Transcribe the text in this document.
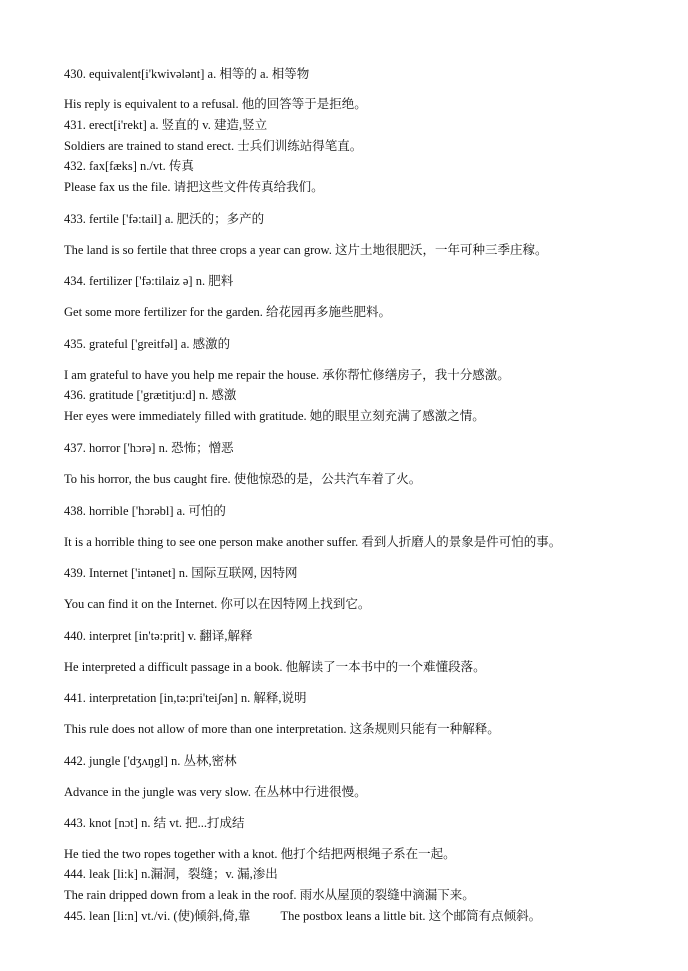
430. equivalent[i'kwivələnt] a. 相等的 a. 相等物
His reply is equivalent to a refusal. 他的回答等于是拒绝。
431. erect[i'rekt] a. 竖直的 v. 建造,竖立
Soldiers are trained to stand erect. 士兵们训练站得笔直。
432. fax[fæks] n./vt. 传真
Please fax us the file. 请把这些文件传真给我们。
433. fertile ['fə:tail] a. 肥沃的；多产的
The land is so fertile that three crops a year can grow. 这片土地很肥沃，一年可种三季庄稼。
434. fertilizer ['fə:tilaiz ə] n. 肥料
Get some more fertilizer for the garden. 给花园再多施些肥料。
435. grateful ['greitfəl] a. 感激的
I am grateful to have you help me repair the house. 承你帮忙修缮房子，我十分感激。
436. gratitude ['grætitju:d] n. 感激
Her eyes were immediately filled with gratitude. 她的眼里立刻充满了感激之情。
437. horror ['hɔrə] n. 恐怖；憎恶
To his horror, the bus caught fire. 使他惊恐的是，公共汽车着了火。
438. horrible ['hɔrəbl] a. 可怕的
It is a horrible thing to see one person make another suffer. 看到人折磨人的景象是件可怕的事。
439. Internet ['intənet] n. 国际互联网, 因特网
You can find it on the Internet. 你可以在因特网上找到它。
440. interpret [in'tə:prit] v. 翻译,解释
He interpreted a difficult passage in a book. 他解读了一本书中的一个难懂段落。
441. interpretation [in,tə:pri'teiʃən] n. 解释,说明
This rule does not allow of more than one interpretation. 这条规则只能有一种解释。
442. jungle ['dʒʌŋgl] n. 丛林,密林
Advance in the jungle was very slow. 在丛林中行进很慢。
443. knot [nɔt] n. 结 vt. 把...打成结
He tied the two ropes together with a knot. 他打个结把两根绳子系在一起。
444. leak [li:k] n.漏洞，裂缝；v. 漏,渗出
The rain dripped down from a leak in the roof. 雨水从屋顶的裂缝中滴漏下来。
445. lean [li:n] vt./vi. (使)倾斜,倚,靠 The postbox leans a little bit. 这个邮筒有点倾斜。
